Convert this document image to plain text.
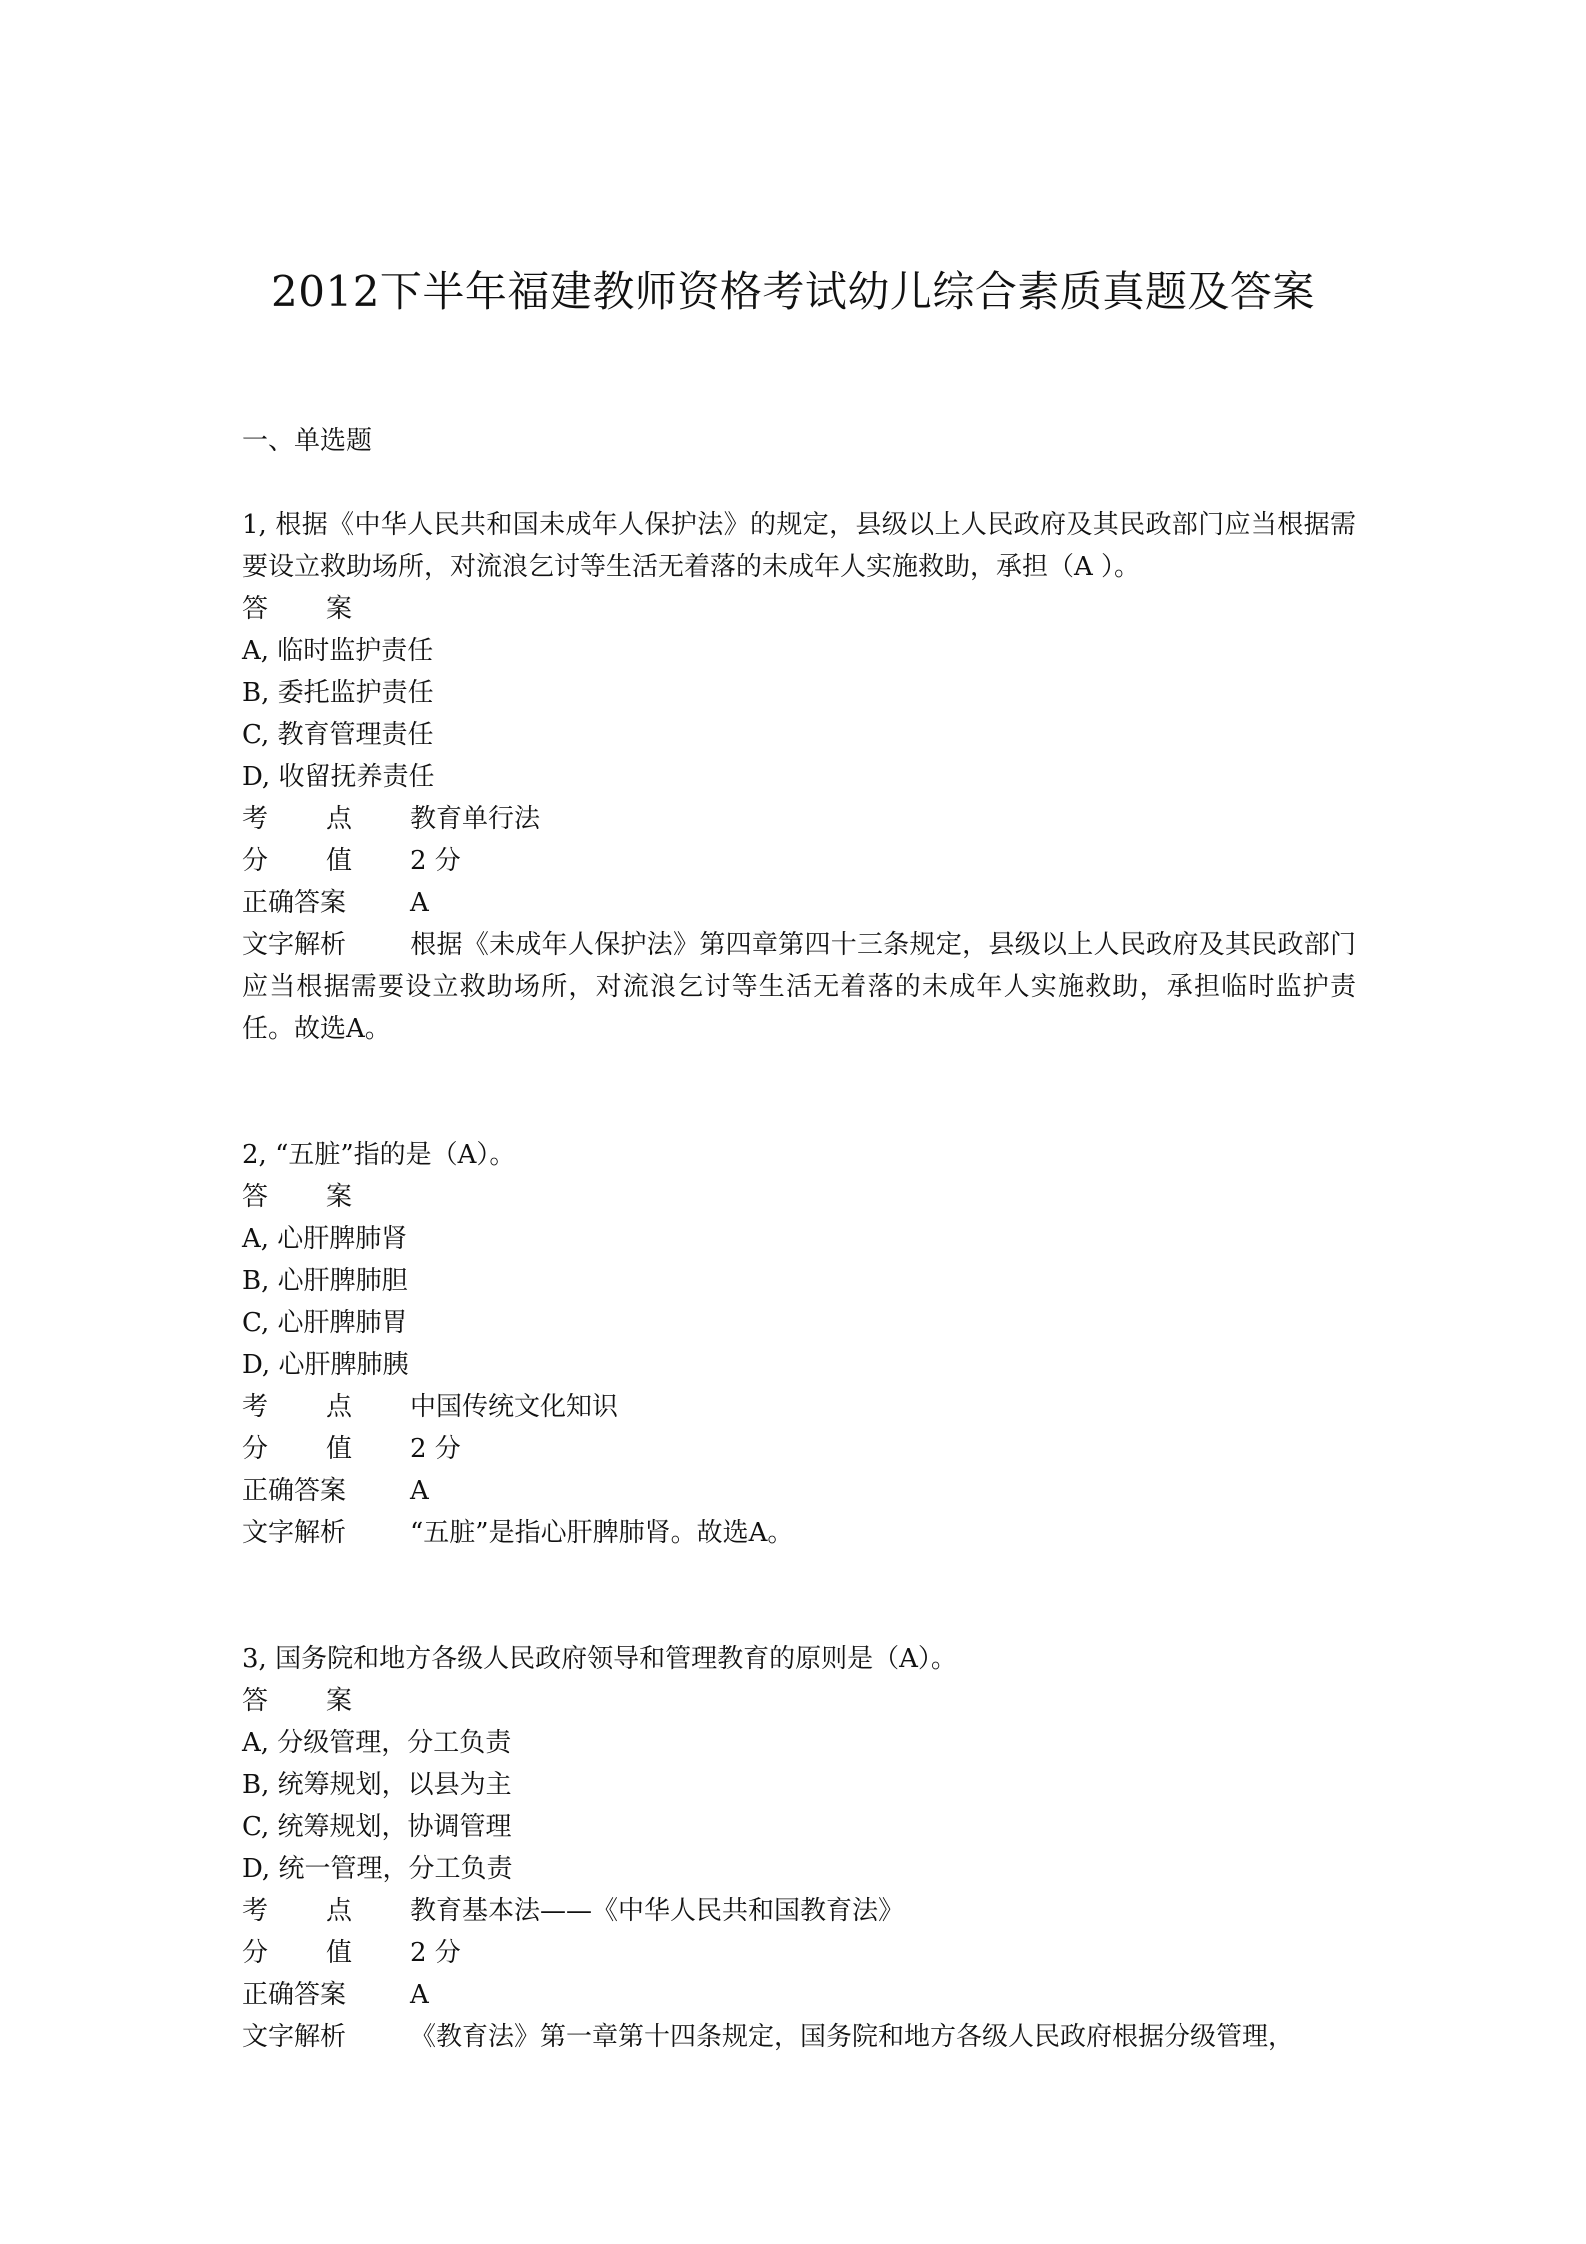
2012下半年福建教师资格考试幼儿综合素质真题及答案
一、单选题

1, 根据《中华人民共和国未成年人保护法》的规定，县级以上人民政府及其民政部门应当根据需要设立救助场所，对流浪乞讨等生活无着落的未成年人实施救助，承担（A ）。

答 案
A, 临时监护责任
B, 委托监护责任
C, 教育管理责任
D, 收留抚养责任
考 点 教育单行法
分 值 2 分
正确答案 A

文字解析 根据《未成年人保护法》第四章第四十三条规定，县级以上人民政府及其民政部门应当根据需要设立救助场所，对流浪乞讨等生活无着落的未成年人实施救助，承担临时监护责任。故选A。

2, “五脏”指的是（A）。

答 案
A, 心肝脾肺肾
B, 心肝脾肺胆
C, 心肝脾肺胃
D, 心肝脾肺胰
考 点 中国传统文化知识
分 值 2 分
正确答案 A

文字解析 “五脏”是指心肝脾肺肾。故选A。

3, 国务院和地方各级人民政府领导和管理教育的原则是（A）。

答 案
A, 分级管理，分工负责
B, 统筹规划，以县为主
C, 统筹规划，协调管理
D, 统一管理，分工负责
考 点 教育基本法——《中华人民共和国教育法》
分 值 2 分
正确答案 A

文字解析 《教育法》第一章第十四条规定，国务院和地方各级人民政府根据分级管理，
